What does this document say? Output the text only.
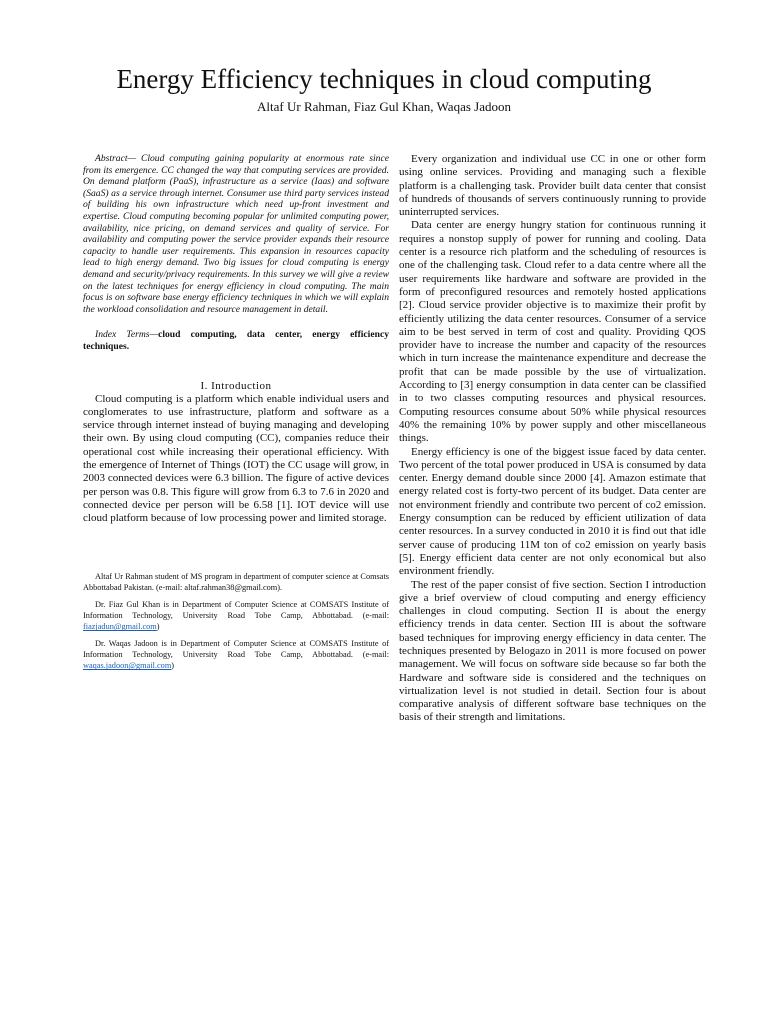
Energy Efficiency techniques in cloud computing
Altaf Ur Rahman, Fiaz Gul Khan, Waqas Jadoon

Abstract— Cloud computing gaining popularity at enormous rate since from its emergence. CC changed the way that computing services are provided. On demand platform (PaaS), infrastructure as a service (Iaas) and software (SaaS) as a service through internet. Consumer use third party services instead of building his own infrastructure which need up-front investment and expertise. Cloud computing becoming popular for unlimited computing power, availability, nice pricing, on demand services and quality of service. For availability and computing power the service provider expands their resource capacity to handle user requirements. This expansion in resources capacity lead to high energy demand. Two big issues for cloud computing is energy demand and security/privacy requirements. In this survey we will give a review on the latest techniques for energy efficiency in cloud computing. The main focus is on software base energy efficiency techniques in which we will explain the workload consolidation and resource management in detail.

Index Terms—cloud computing, data center, energy efficiency techniques.

I. Introduction

Cloud computing is a platform which enable individual users and conglomerates to use infrastructure, platform and software as a service through internet instead of buying managing and developing their own. By using cloud computing (CC), companies reduce their operational cost while increasing their operational efficiency. With the emergence of Internet of Things (IOT) the CC usage will grow, in 2003 connected devices were 6.3 billion. The figure of active devices per person was 0.8. This figure will grow from 6.3 to 7.6 in 2020 and connected device per person will be 6.58 [1]. IOT device will use cloud platform because of low processing power and limited storage.

Altaf Ur Rahman student of MS program in department of computer science at Comsats Abbottabad Pakistan. (e-mail: altaf.rahman38@gmail.com).

Dr. Fiaz Gul Khan is in Department of Computer Science at COMSATS Institute of Information Technology, University Road Tobe Camp, Abbottabad. (e-mail: fiazjadun@gmail.com)

Dr. Waqas Jadoon is in Department of Computer Science at COMSATS Institute of Information Technology, University Road Tobe Camp, Abbottabad. (e-mail: waqas.jadoon@gmail.com)

Every organization and individual use CC in one or other form using online services. Providing and managing such a flexible platform is a challenging task. Provider built data center that consist of hundreds of thousands of servers continuously running to provide uninterrupted services.

Data center are energy hungry station for continuous running it requires a nonstop supply of power for running and cooling. Data center is a resource rich platform and the scheduling of resources is one of the challenging task. Cloud refer to a data centre where all the user requirements like hardware and software are provided in the form of preconfigured resources and remotely hosted applications [2]. Cloud service provider objective is to maximize their profit by efficiently utilizing the data center resources. Consumer of a service aim to be best served in term of cost and quality. Providing QOS provider have to increase the number and capacity of the resources which in turn increase the maintenance expenditure and decrease the profit that can be made possible by the use of virtualization. According to [3] energy consumption in data center can be classified in to two classes computing resources and physical resources. Computing resources consume about 50% while physical resources 40% the remaining 10% by power supply and other miscellaneous things.

Energy efficiency is one of the biggest issue faced by data center. Two percent of the total power produced in USA is consumed by data center. Energy demand double since 2000 [4]. Amazon estimate that energy related cost is forty-two percent of its budget. Data center are not environment friendly and contribute two percent of co2 emission. Energy consumption can be reduced by efficient utilization of data center resources. In a survey conducted in 2010 it is find out that idle server cause of producing 11M ton of co2 emission on yearly basis [5]. Energy efficient data center are not only economical but also environment friendly.

The rest of the paper consist of five section. Section I introduction give a brief overview of cloud computing and energy efficiency challenges in cloud computing. Section II is about the energy efficiency trends in data center. Section III is about the software based techniques for improving energy efficiency in data center. The techniques presented by Belogazo in 2011 is more focused on power management. We will focus on software side because so far both the Hardware and software side is considered and the techniques on virtualization level is not studied in detail. Section four is about comparative analysis of different software base techniques on the basis of their strength and limitations.
